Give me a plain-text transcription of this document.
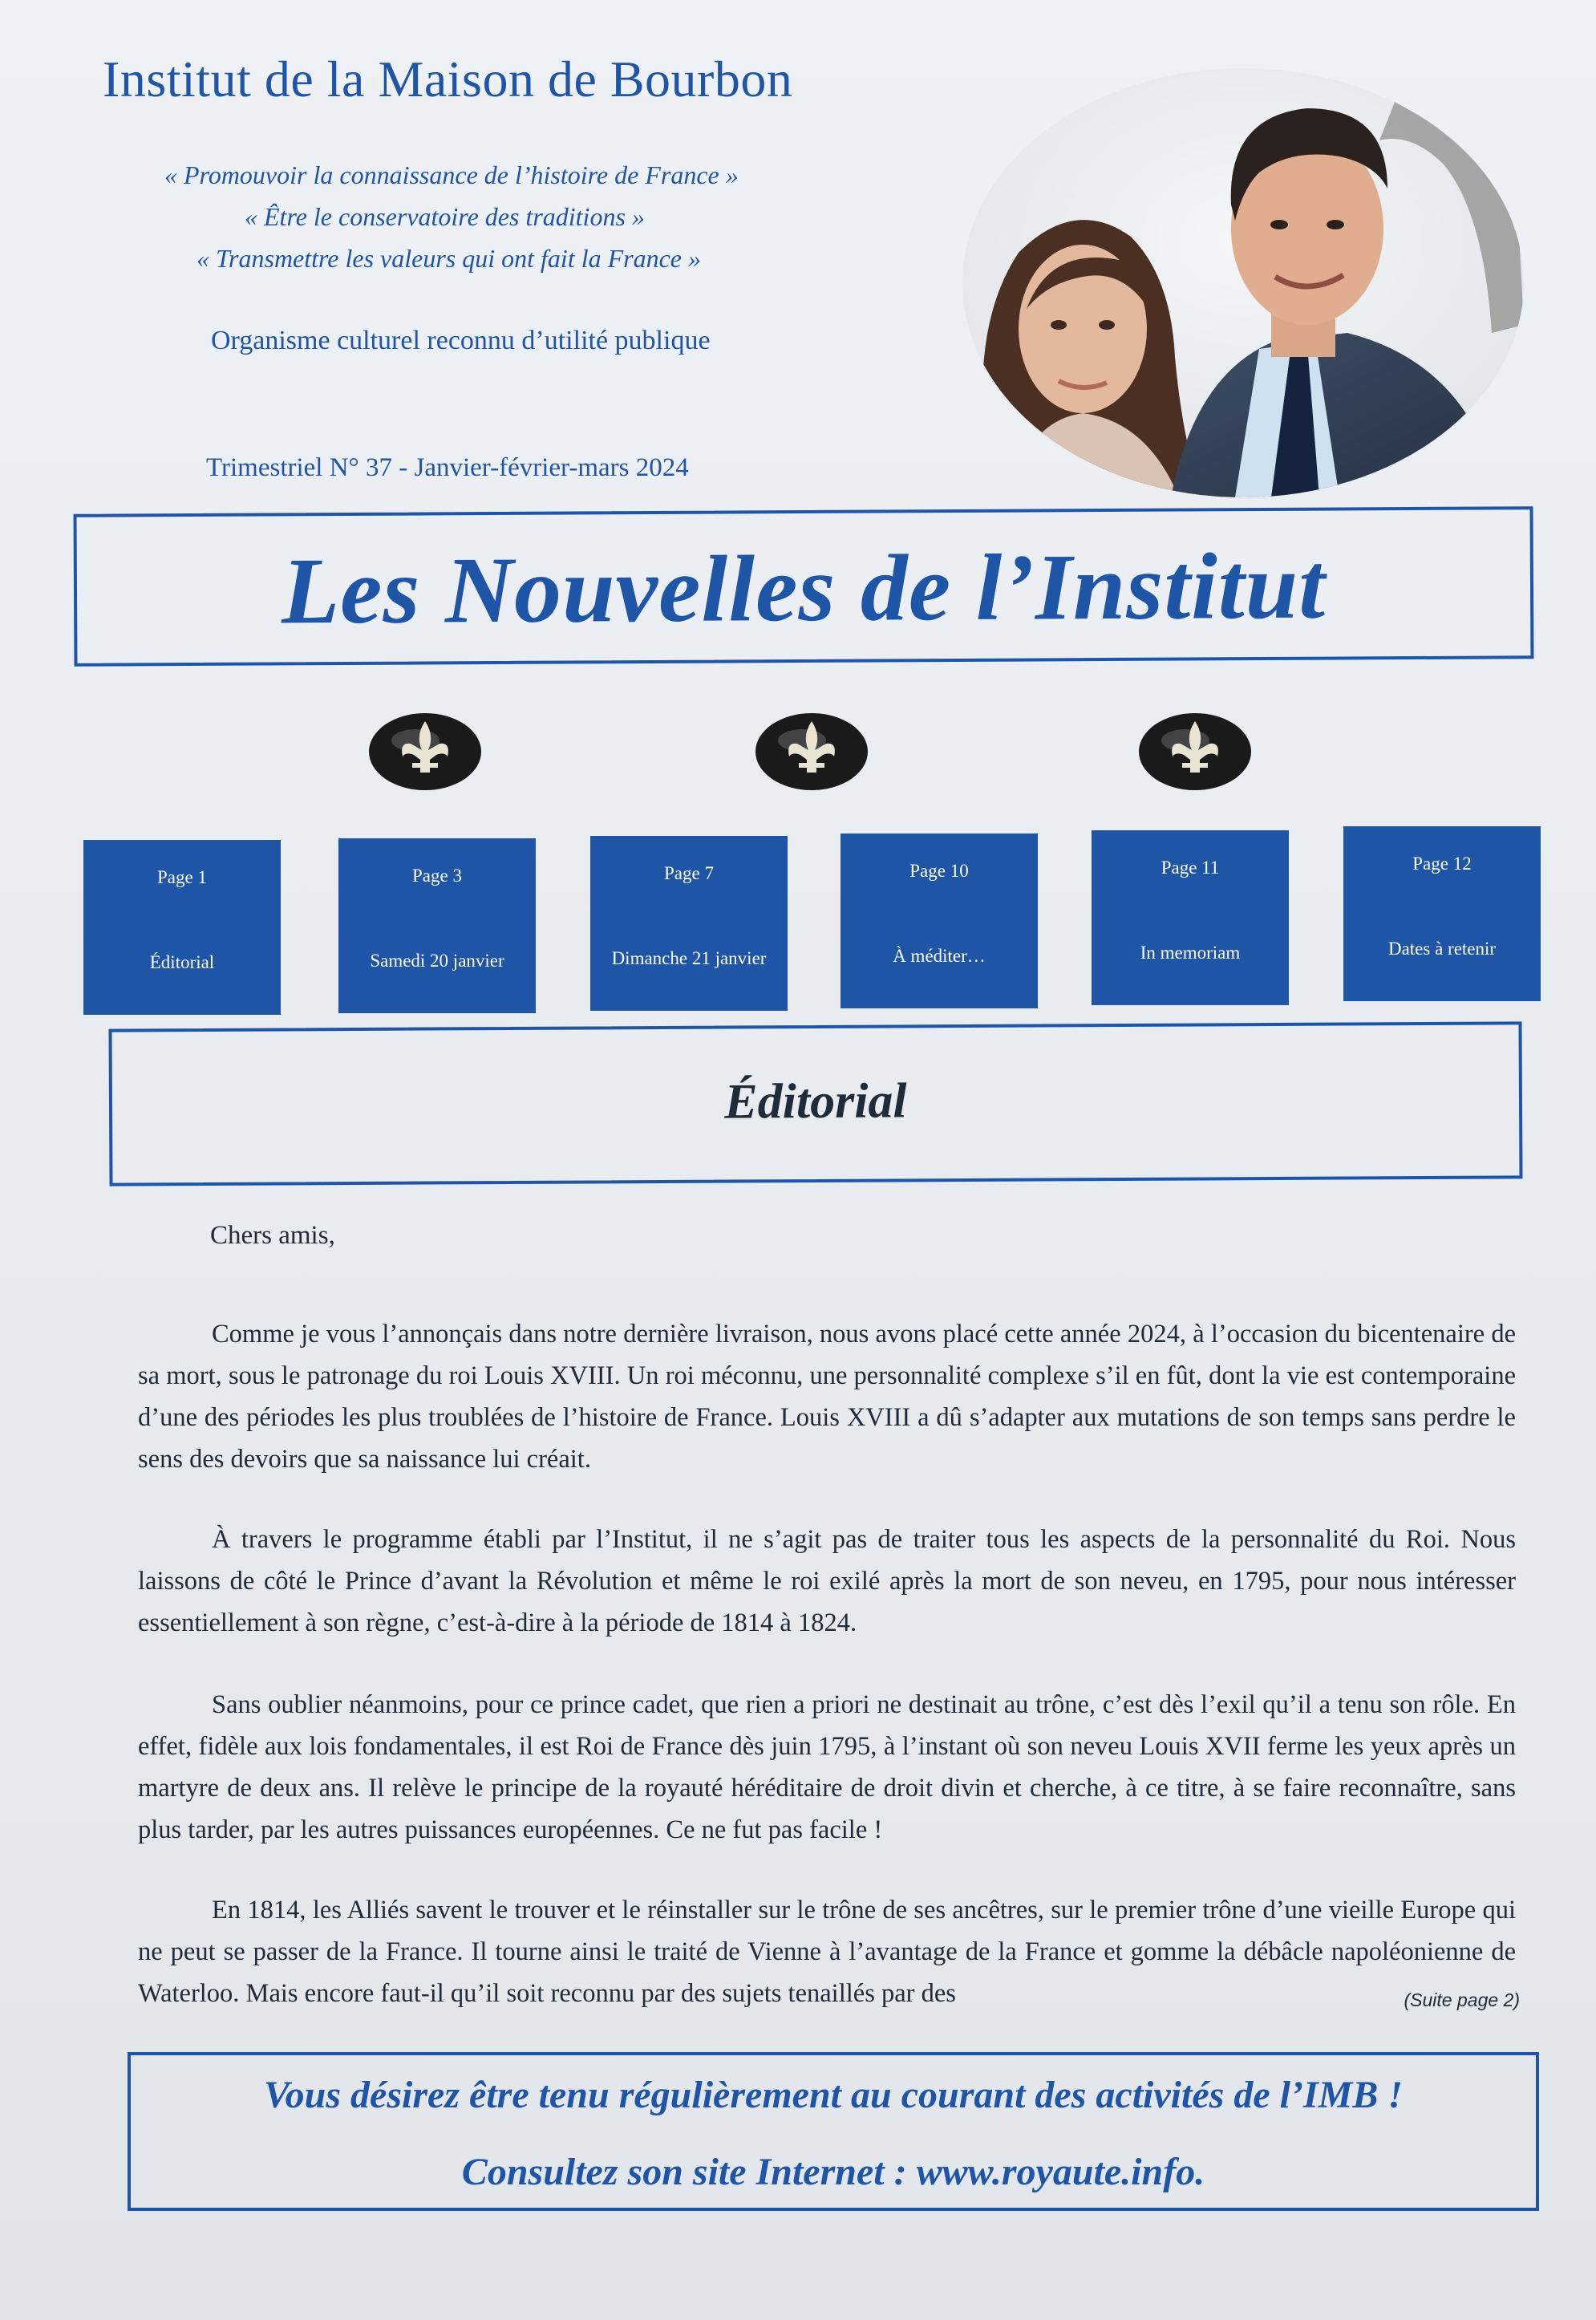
Institut de la Maison de Bourbon
« Promouvoir la connaissance de l’histoire de France »
« Être le conservatoire des traditions »
« Transmettre les valeurs qui ont fait la France »
Organisme culturel reconnu d’utilité publique
Trimestriel N° 37 - Janvier-février-mars 2024
Les Nouvelles de l’Institut
Page 1
Éditorial
Page 3
Samedi 20 janvier
Page 7
Dimanche 21 janvier
Page 10
À méditer…
Page 11
In memoriam
Page 12
Dates à retenir
Éditorial
Chers amis,

Comme je vous l’annonçais dans notre dernière livraison, nous avons placé cette année 2024, à l’occasion du bicentenaire de sa mort, sous le patronage du roi Louis XVIII. Un roi méconnu, une personnalité complexe s’il en fût, dont la vie est contemporaine d’une des périodes les plus troublées de l’histoire de France. Louis XVIII a dû s’adapter aux mutations de son temps sans perdre le sens des devoirs que sa naissance lui créait.

À travers le programme établi par l’Institut, il ne s’agit pas de traiter tous les aspects de la personnalité du Roi. Nous laissons de côté le Prince d’avant la Révolution et même le roi exilé après la mort de son neveu, en 1795, pour nous intéresser essentiellement à son règne, c’est-à-dire à la période de 1814 à 1824.

Sans oublier néanmoins, pour ce prince cadet, que rien a priori ne destinait au trône, c’est dès l’exil qu’il a tenu son rôle. En effet, fidèle aux lois fondamentales, il est Roi de France dès juin 1795, à l’instant où son neveu Louis XVII ferme les yeux après un martyre de deux ans. Il relève le principe de la royauté héréditaire de droit divin et cherche, à ce titre, à se faire reconnaître, sans plus tarder, par les autres puissances européennes. Ce ne fut pas facile !

En 1814, les Alliés savent le trouver et le réinstaller sur le trône de ses ancêtres, sur le premier trône d’une vieille Europe qui ne peut se passer de la France. Il tourne ainsi le traité de Vienne à l’avantage de la France et gomme la débâcle napoléonienne de Waterloo. Mais encore faut-il qu’il soit reconnu par des sujets tenaillés par des	(Suite page 2)
Vous désirez être tenu régulièrement au courant des activités de l’IMB !
Consultez son site Internet : www.royaute.info.
